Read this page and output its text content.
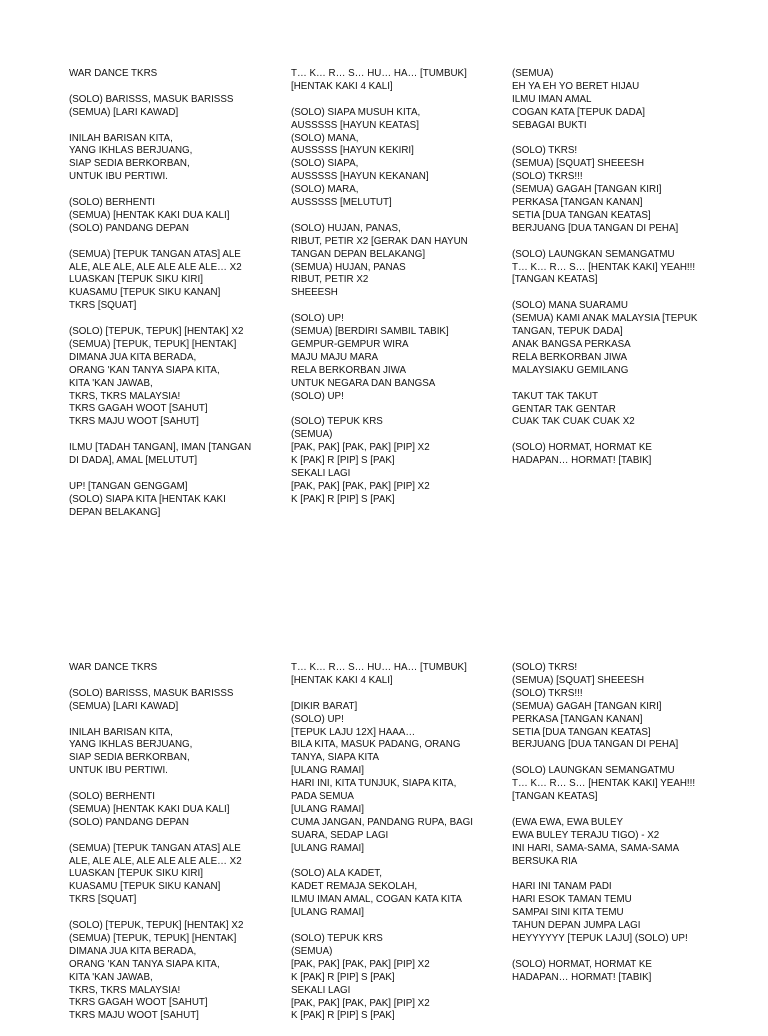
WAR DANCE TKRS
(SOLO) BARISSS, MASUK BARISSS
(SEMUA) [LARI KAWAD]
INILAH BARISAN KITA,
YANG IKHLAS BERJUANG,
SIAP SEDIA BERKORBAN,
UNTUK IBU PERTIWI.
(SOLO) BERHENTI
(SEMUA) [HENTAK KAKI DUA KALI]
(SOLO) PANDANG DEPAN
(SEMUA) [TEPUK TANGAN ATAS] ALE
ALE, ALE ALE, ALE ALE ALE ALE… X2
LUASKAN [TEPUK SIKU KIRI]
KUASAMU [TEPUK SIKU KANAN]
TKRS [SQUAT]
(SOLO) [TEPUK, TEPUK] [HENTAK] X2
(SEMUA) [TEPUK, TEPUK] [HENTAK]
DIMANA JUA KITA BERADA,
ORANG 'KAN TANYA SIAPA KITA,
KITA 'KAN JAWAB,
TKRS, TKRS MALAYSIA!
TKRS GAGAH WOOT [SAHUT]
TKRS MAJU WOOT [SAHUT]
ILMU [TADAH TANGAN], IMAN [TANGAN
DI DADA], AMAL [MELUTUT]
UP! [TANGAN GENGGAM]
(SOLO) SIAPA KITA [HENTAK KAKI
DEPAN BELAKANG]
T… K… R… S… HU… HA… [TUMBUK]
[HENTAK KAKI 4 KALI]
(SOLO) SIAPA MUSUH KITA,
AUSSSSS [HAYUN KEATAS]
(SOLO) MANA,
AUSSSSS [HAYUN KEKIRI]
(SOLO) SIAPA,
AUSSSSS [HAYUN KEKANAN]
(SOLO) MARA,
AUSSSSS [MELUTUT]
(SOLO) HUJAN, PANAS,
RIBUT, PETIR X2 [GERAK DAN HAYUN
TANGAN DEPAN BELAKANG]
(SEMUA) HUJAN, PANAS
RIBUT, PETIR X2
SHEEESH
(SOLO) UP!
(SEMUA) [BERDIRI SAMBIL TABIK]
GEMPUR-GEMPUR WIRA
MAJU MAJU MARA
RELA BERKORBAN JIWA
UNTUK NEGARA DAN BANGSA
(SOLO) UP!
(SOLO) TEPUK KRS
(SEMUA)
[PAK, PAK] [PAK, PAK] [PIP] X2
K [PAK] R [PIP] S [PAK]
SEKALI LAGI
[PAK, PAK] [PAK, PAK] [PIP] X2
K [PAK] R [PIP] S [PAK]
(SEMUA)
EH YA EH YO BERET HIJAU
ILMU IMAN AMAL
COGAN KATA [TEPUK DADA]
SEBAGAI BUKTI
(SOLO) TKRS!
(SEMUA) [SQUAT] SHEEESH
(SOLO) TKRS!!!
(SEMUA) GAGAH [TANGAN KIRI]
PERKASA [TANGAN KANAN]
SETIA [DUA TANGAN KEATAS]
BERJUANG [DUA TANGAN DI PEHA]
(SOLO) LAUNGKAN SEMANGATMU
T… K… R… S… [HENTAK KAKI] YEAH!!!
[TANGAN KEATAS]
(SOLO) MANA SUARAMU
(SEMUA) KAMI ANAK MALAYSIA [TEPUK
TANGAN, TEPUK DADA]
ANAK BANGSA PERKASA
RELA BERKORBAN JIWA
MALAYSIAKU GEMILANG
TAKUT TAK TAKUT
GENTAR TAK GENTAR
CUAK TAK CUAK CUAK X2
(SOLO) HORMAT, HORMAT KE
HADAPAN… HORMAT! [TABIK]
WAR DANCE TKRS
(SOLO) BARISSS, MASUK BARISSS
(SEMUA) [LARI KAWAD]
INILAH BARISAN KITA,
YANG IKHLAS BERJUANG,
SIAP SEDIA BERKORBAN,
UNTUK IBU PERTIWI.
(SOLO) BERHENTI
(SEMUA) [HENTAK KAKI DUA KALI]
(SOLO) PANDANG DEPAN
(SEMUA) [TEPUK TANGAN ATAS] ALE
ALE, ALE ALE, ALE ALE ALE ALE… X2
LUASKAN [TEPUK SIKU KIRI]
KUASAMU [TEPUK SIKU KANAN]
TKRS [SQUAT]
(SOLO) [TEPUK, TEPUK] [HENTAK] X2
(SEMUA) [TEPUK, TEPUK] [HENTAK]
DIMANA JUA KITA BERADA,
ORANG 'KAN TANYA SIAPA KITA,
KITA 'KAN JAWAB,
TKRS, TKRS MALAYSIA!
TKRS GAGAH WOOT [SAHUT]
TKRS MAJU WOOT [SAHUT]
T… K… R… S… HU… HA… [TUMBUK]
[HENTAK KAKI 4 KALI]
[DIKIR BARAT]
(SOLO) UP!
[TEPUK LAJU 12X] HAAA…
BILA KITA, MASUK PADANG, ORANG
TANYA, SIAPA KITA
[ULANG RAMAI]
HARI INI, KITA TUNJUK, SIAPA KITA,
PADA SEMUA
[ULANG RAMAI]
CUMA JANGAN, PANDANG RUPA, BAGI
SUARA, SEDAP LAGI
[ULANG RAMAI]
(SOLO) ALA KADET,
KADET REMAJA SEKOLAH,
ILMU IMAN AMAL, COGAN KATA KITA
[ULANG RAMAI]
(SOLO) TEPUK KRS
(SEMUA)
[PAK, PAK] [PAK, PAK] [PIP] X2
K [PAK] R [PIP] S [PAK]
SEKALI LAGI
[PAK, PAK] [PAK, PAK] [PIP] X2
K [PAK] R [PIP] S [PAK]
(SOLO) TKRS!
(SEMUA) [SQUAT] SHEEESH
(SOLO) TKRS!!!
(SEMUA) GAGAH [TANGAN KIRI]
PERKASA [TANGAN KANAN]
SETIA [DUA TANGAN KEATAS]
BERJUANG [DUA TANGAN DI PEHA]
(SOLO) LAUNGKAN SEMANGATMU
T… K… R… S… [HENTAK KAKI] YEAH!!!
[TANGAN KEATAS]
(EWA EWA, EWA BULEY
EWA BULEY TERAJU TIGO) - X2
INI HARI, SAMA-SAMA, SAMA-SAMA
BERSUKA RIA
HARI INI TANAM PADI
HARI ESOK TAMAN TEMU
SAMPAI SINI KITA TEMU
TAHUN DEPAN JUMPA LAGI
HEYYYYYY [TEPUK LAJU] (SOLO) UP!
(SOLO) HORMAT, HORMAT KE
HADAPAN… HORMAT! [TABIK]
